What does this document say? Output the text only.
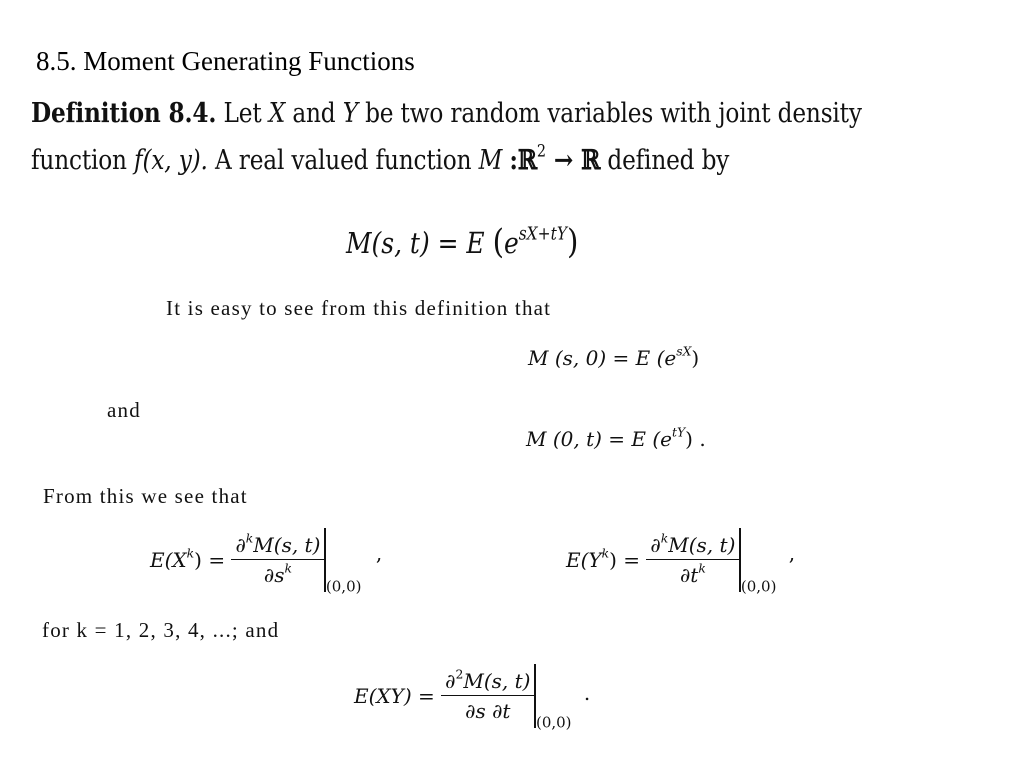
8.5. Moment Generating Functions
Definition 8.4. Let X and Y be two random variables with joint density
function f(x, y). A real valued function M :ℝ$^2$ → ℝ defined by
M(s, t) = E $(e^{sX+tY})$
It is easy to see from this definition that
M (s, 0) = E $(e^{sX})$
and
M (0, t) = E $(e^{tY})$ .
From this we see that
$E(X^k) = \frac{\partial^kM(s, t)}{\partial s^k} _{(0,0)}$ ,	$E(Y^k) = \frac{\partial^kM(s, t)}{\partial t^k} _{(0,0)}$ ,
for k = 1, 2, 3, 4, ...; and
$E(XY) = \frac{\partial^2M(s, t)}{\partial s \partial t} _{(0,0)}$ .
